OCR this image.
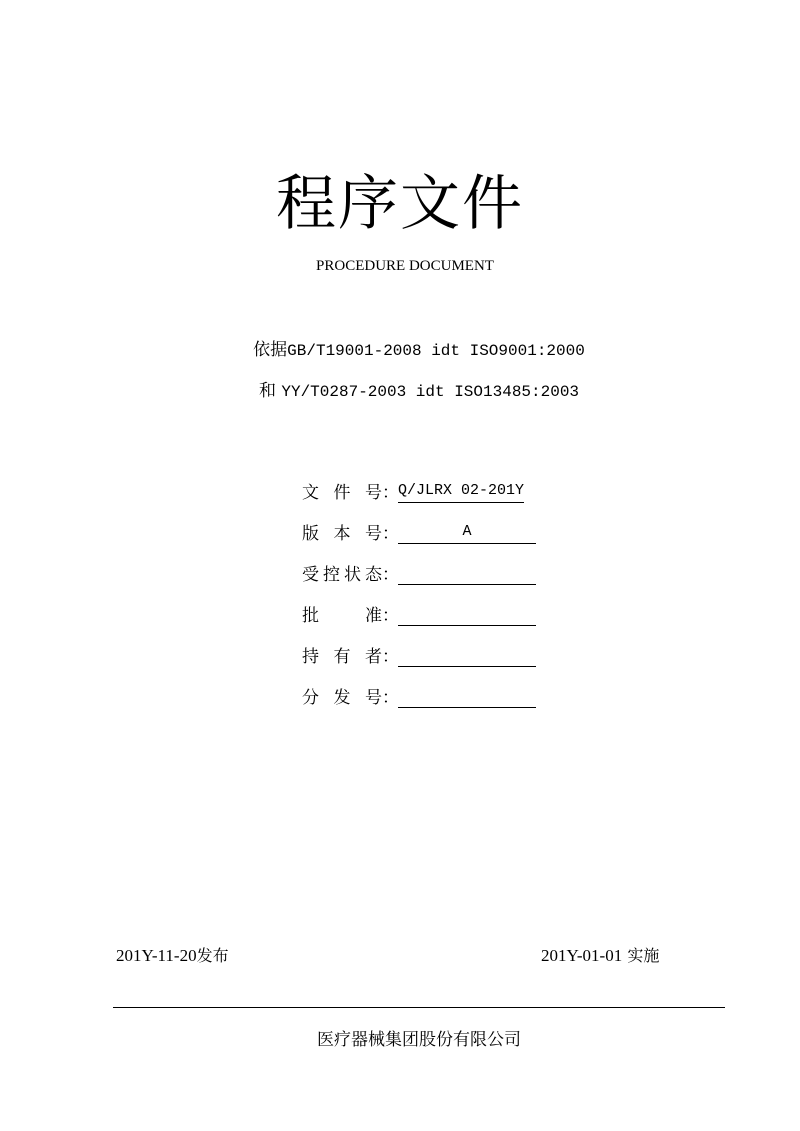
程序文件
PROCEDURE DOCUMENT
依据GB/T19001-2008 idt ISO9001:2000
和 YY/T0287-2003 idt ISO13485:2003
文 件 号 ： Q/JLRX 02-201Y
版 本 号 ：	A
受 控 状 态 ：
批	准 ：
持 有 者 ：
分 发 号 ：
201Y-11-20发布	201Y-01-01 实施
医疗器械集团股份有限公司
